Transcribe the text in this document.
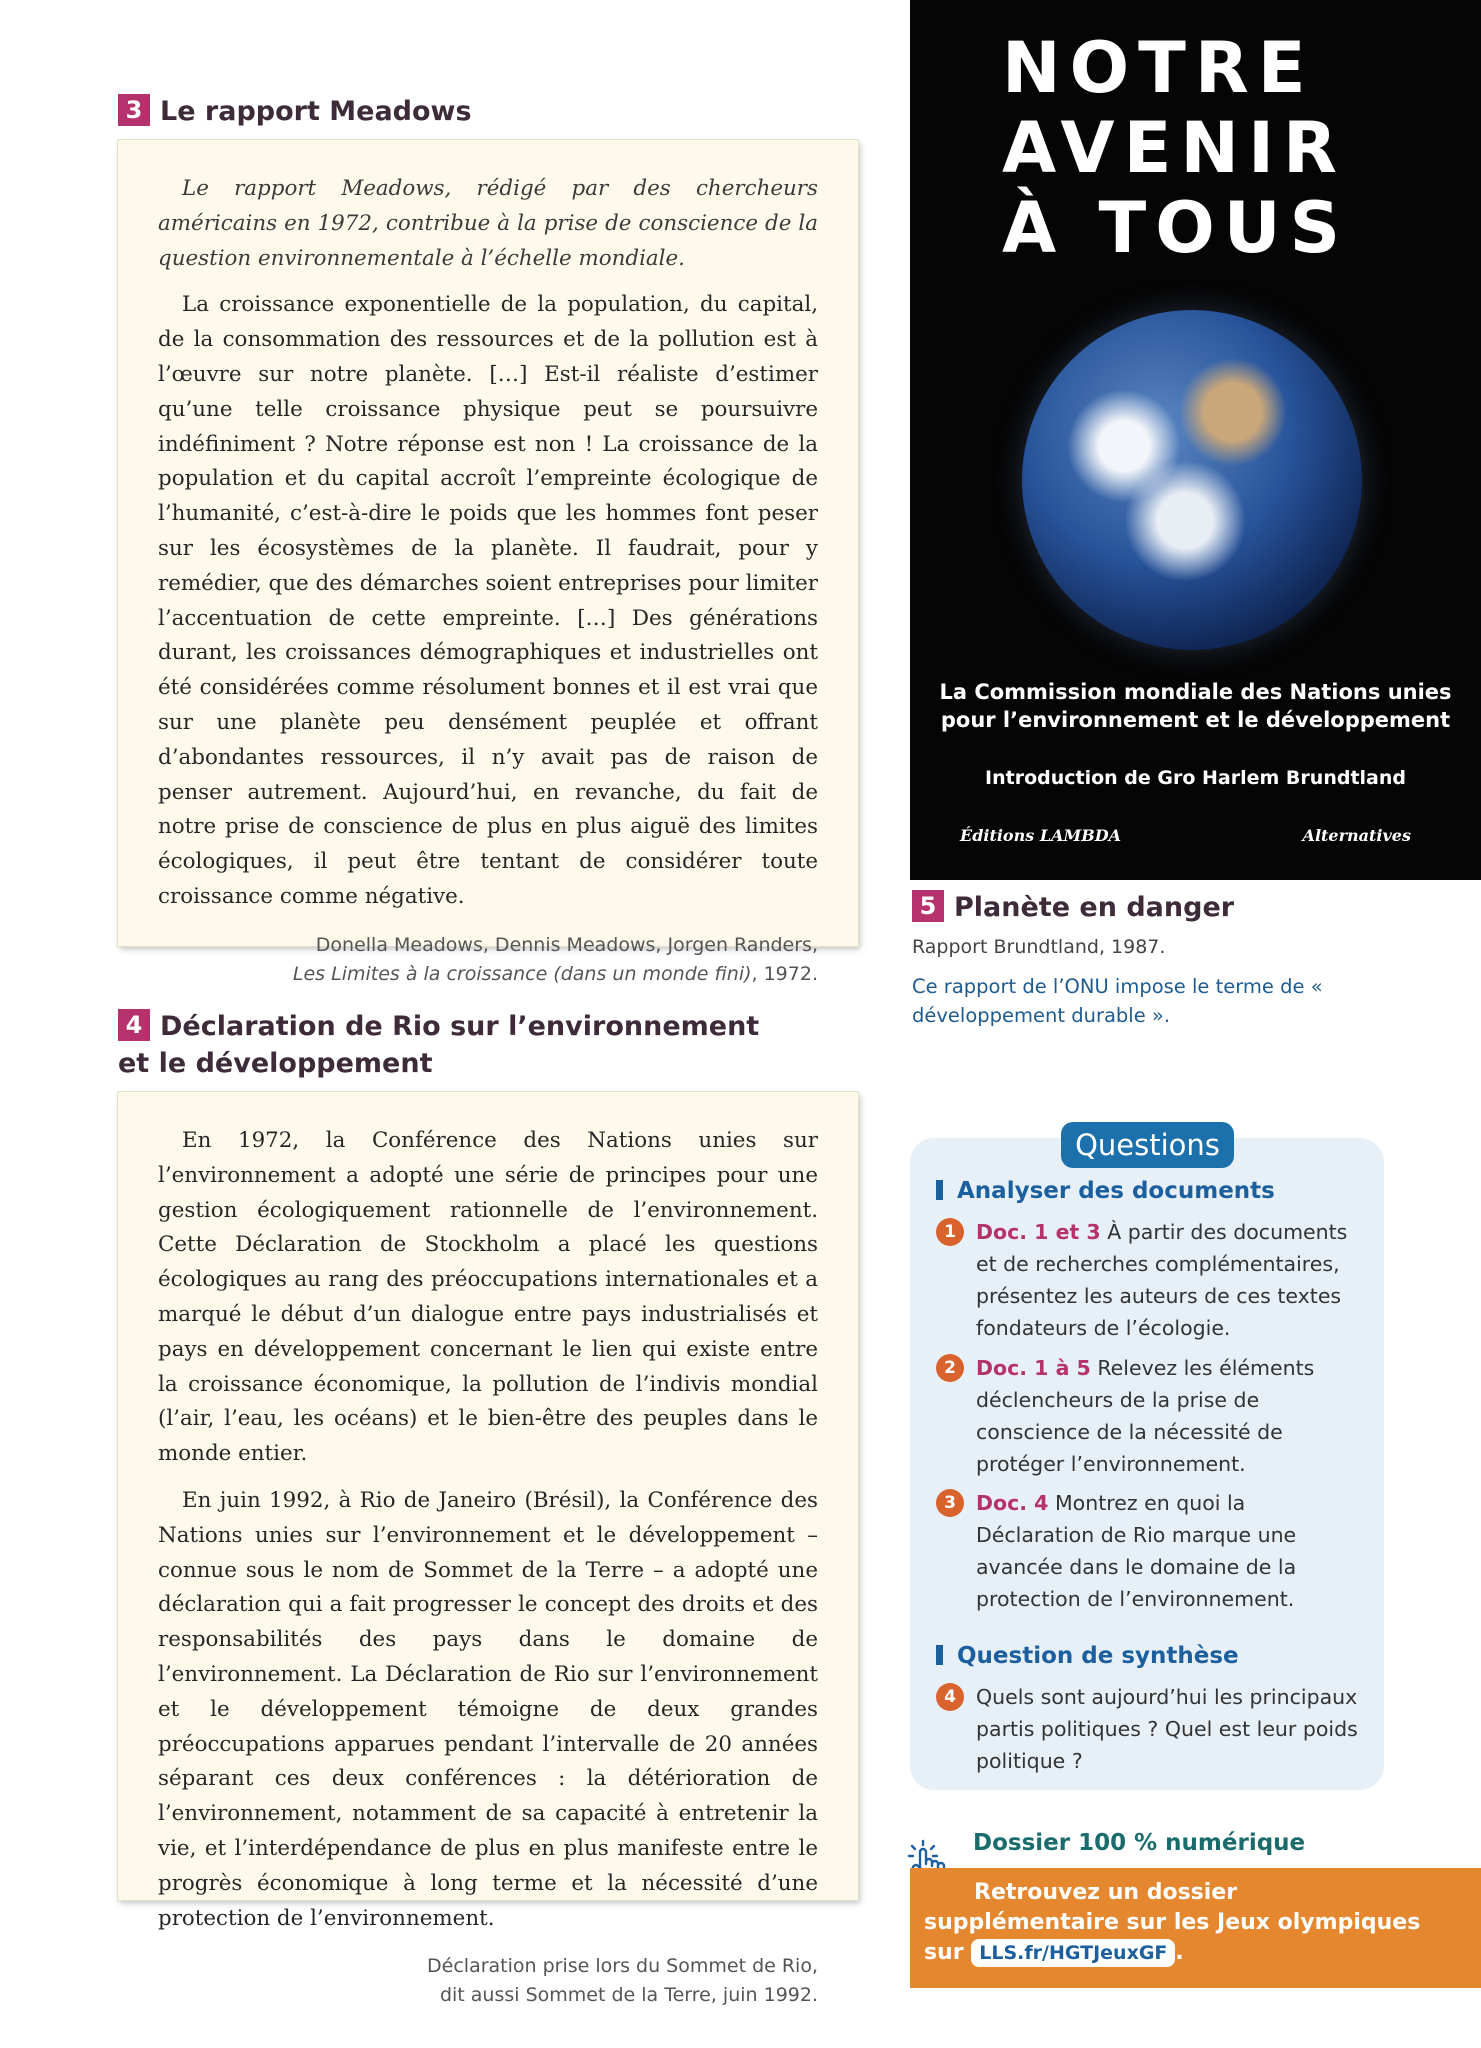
3 Le rapport Meadows

Le rapport Meadows, rédigé par des chercheurs américains en 1972, contribue à la prise de conscience de la question environnementale à l’échelle mondiale.

La croissance exponentielle de la population, du capital, de la consommation des ressources et de la pollution est à l’œuvre sur notre planète. […] Est-il réaliste d’estimer qu’une telle croissance physique peut se poursuivre indéfiniment ? Notre réponse est non ! La croissance de la population et du capital accroît l’empreinte écologique de l’humanité, c’est-à-dire le poids que les hommes font peser sur les écosystèmes de la planète. Il faudrait, pour y remédier, que des démarches soient entreprises pour limiter l’accentuation de cette empreinte. […] Des générations durant, les croissances démographiques et industrielles ont été considérées comme résolument bonnes et il est vrai que sur une planète peu densément peuplée et offrant d’abondantes ressources, il n’y avait pas de raison de penser autrement. Aujourd’hui, en revanche, du fait de notre prise de conscience de plus en plus aiguë des limites écologiques, il peut être tentant de considérer toute croissance comme négative.

Donella Meadows, Dennis Meadows, Jorgen Randers,
Les Limites à la croissance (dans un monde fini), 1972.
4 Déclaration de Rio sur l’environnement
et le développement

En 1972, la Conférence des Nations unies sur l’environnement a adopté une série de principes pour une gestion écologiquement rationnelle de l’environnement. Cette Déclaration de Stockholm a placé les questions écologiques au rang des préoccupations internationales et a marqué le début d’un dialogue entre pays industrialisés et pays en développement concernant le lien qui existe entre la croissance économique, la pollution de l’indivis mondial (l’air, l’eau, les océans) et le bien-être des peuples dans le monde entier.

En juin 1992, à Rio de Janeiro (Brésil), la Conférence des Nations unies sur l’environnement et le développement – connue sous le nom de Sommet de la Terre – a adopté une déclaration qui a fait progresser le concept des droits et des responsabilités des pays dans le domaine de l’environnement. La Déclaration de Rio sur l’environnement et le développement témoigne de deux grandes préoccupations apparues pendant l’intervalle de 20 années séparant ces deux conférences : la détérioration de l’environnement, notamment de sa capacité à entretenir la vie, et l’interdépendance de plus en plus manifeste entre le progrès économique à long terme et la nécessité d’une protection de l’environnement.

Déclaration prise lors du Sommet de Rio,
dit aussi Sommet de la Terre, juin 1992.
NOTRE
AVENIR
À TOUS
La Commission mondiale des Nations unies
pour l’environnement et le développement
Introduction de Gro Harlem Brundtland
Éditions LAMBDA	Alternatives
5 Planète en danger

Rapport Brundtland, 1987.

Ce rapport de l’ONU impose le terme de « développement durable ».

Questions

Analyser des documents

1 Doc. 1 et 3 À partir des documents et de recherches complémentaires, présentez les auteurs de ces textes fondateurs de l’écologie.

2 Doc. 1 à 5 Relevez les éléments déclencheurs de la prise de conscience de la nécessité de protéger l’environnement.

3 Doc. 4 Montrez en quoi la Déclaration de Rio marque une avancée dans le domaine de la protection de l’environnement.

Question de synthèse

4 Quels sont aujourd’hui les principaux partis politiques ? Quel est leur poids politique ?

Dossier 100 % numérique

Retrouvez un dossier
supplémentaire sur les Jeux olympiques
sur LLS.fr/HGTJeuxGF .
